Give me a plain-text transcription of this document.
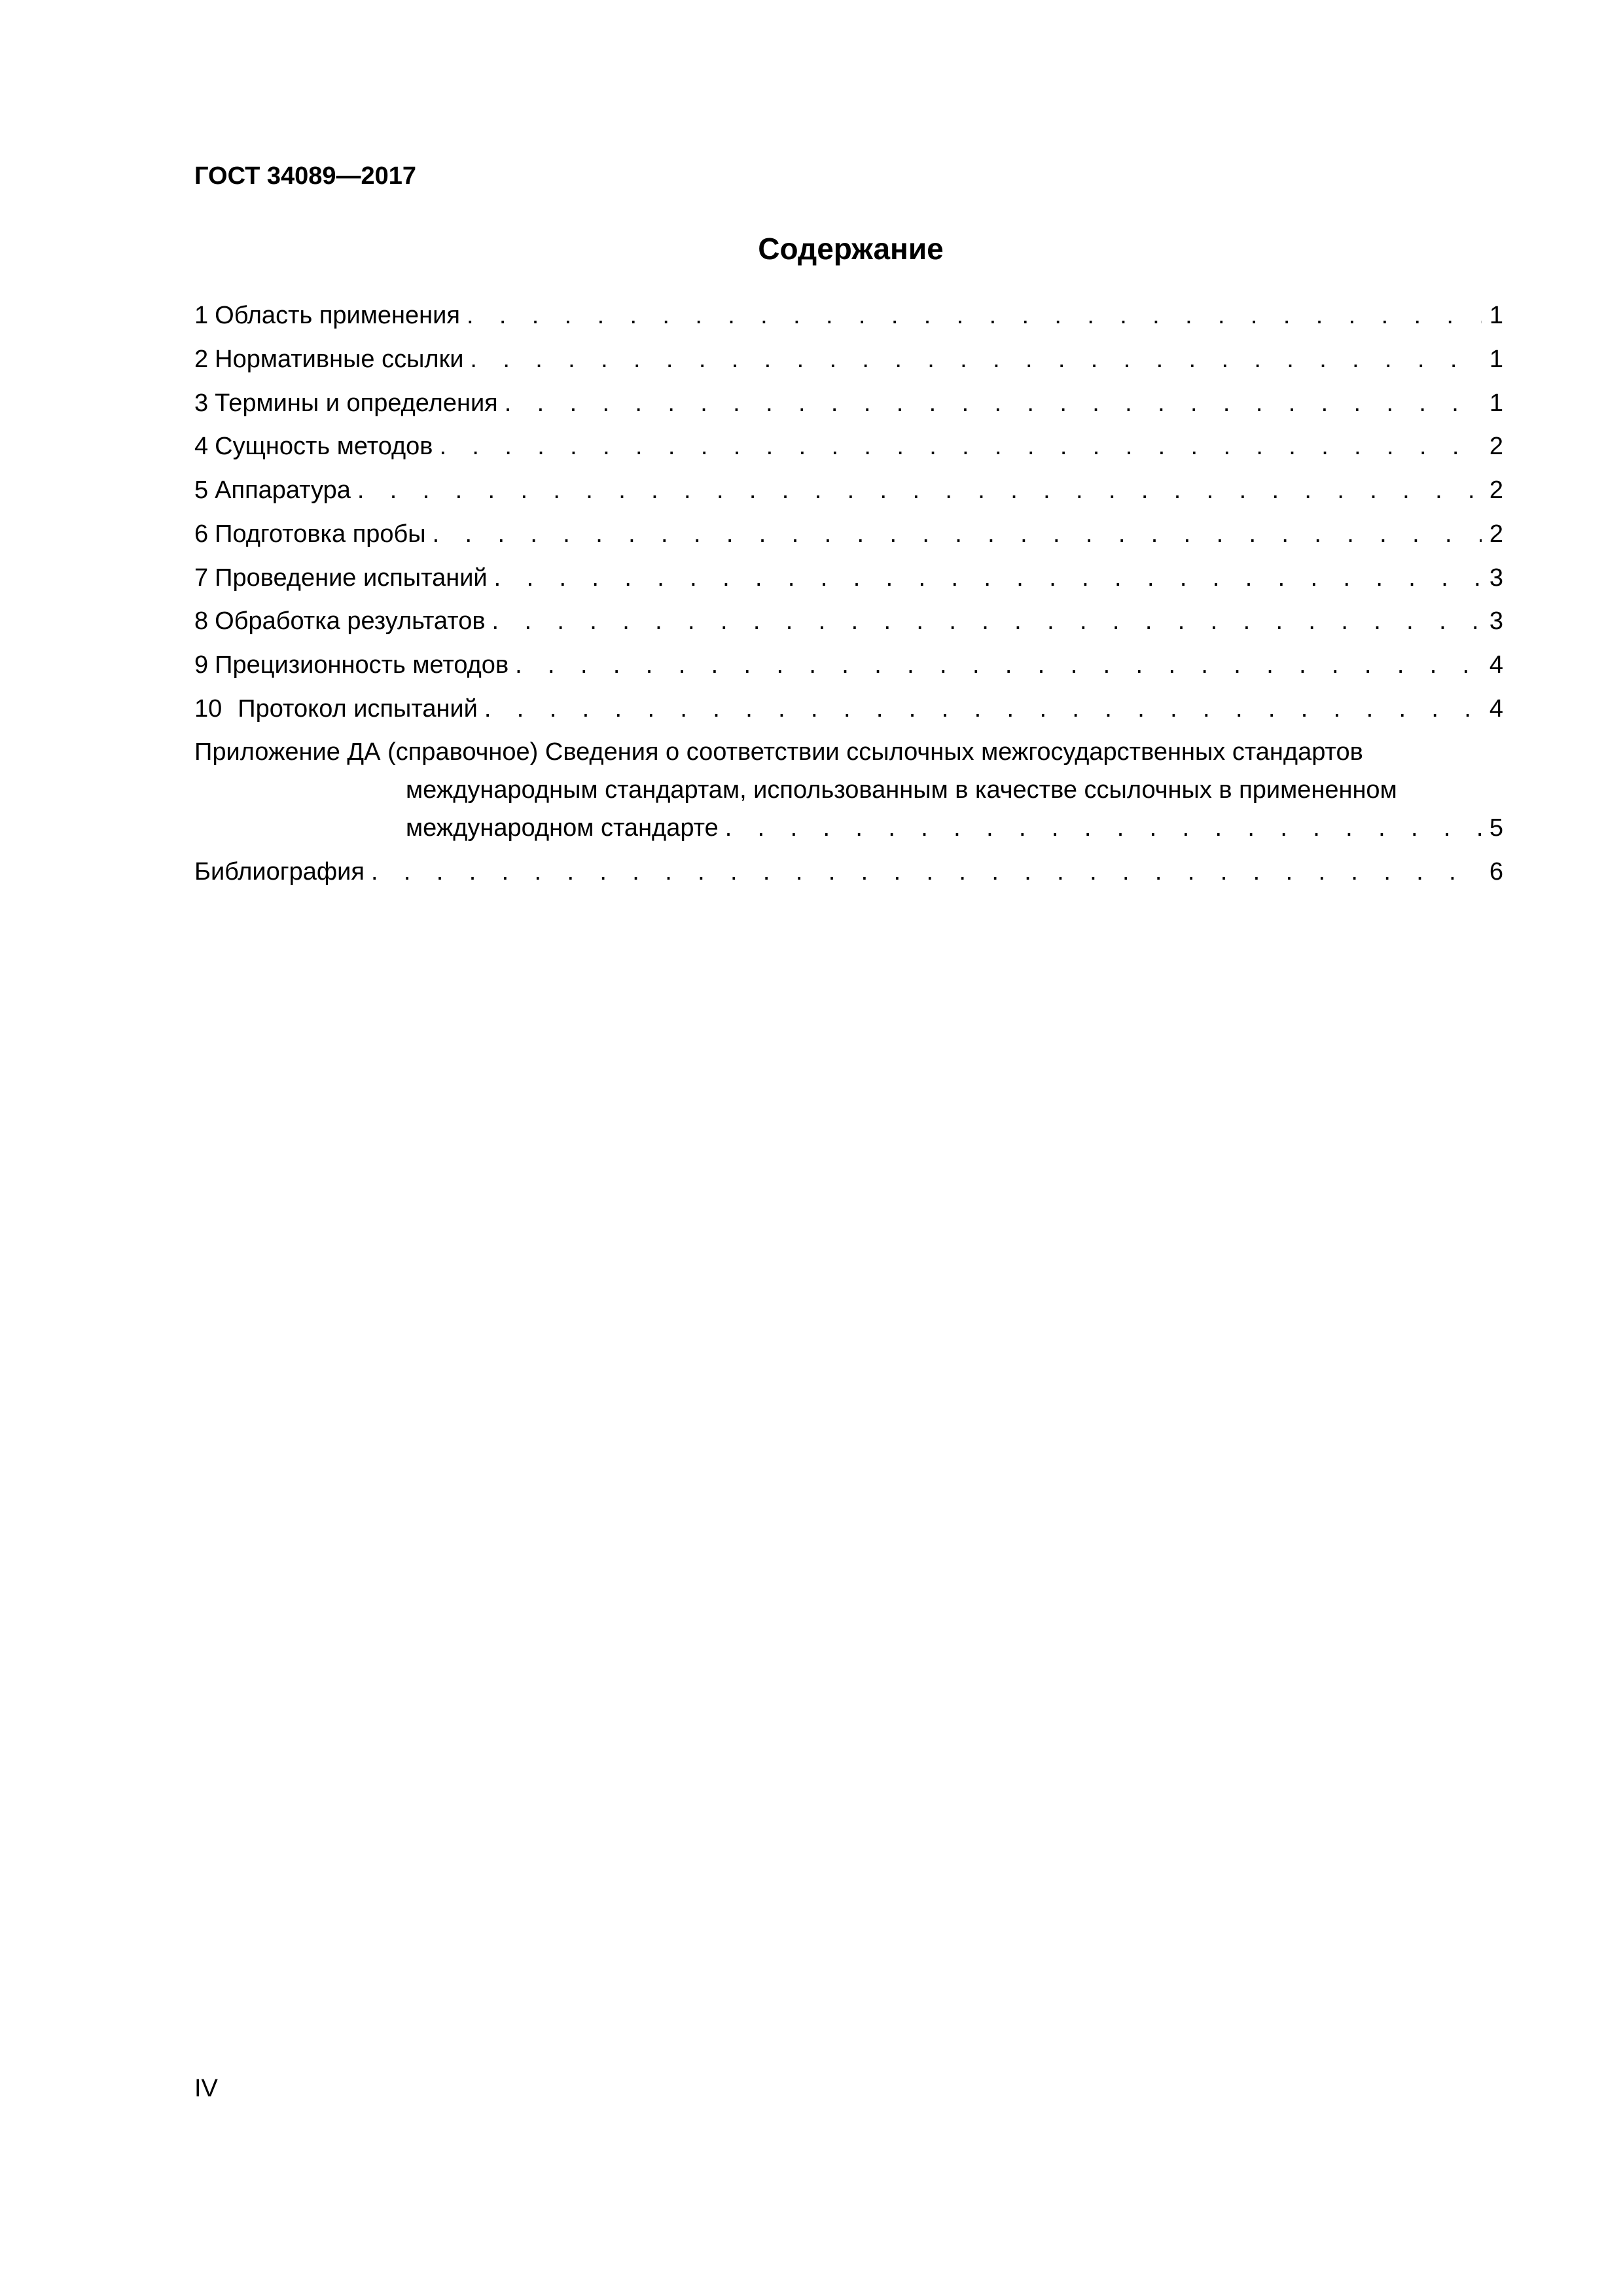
ГОСТ 34089—2017
Содержание
1 Область применения . . .	1
2 Нормативные ссылки . . .	1
3 Термины и определения . . .	1
4 Сущность методов . . .	2
5 Аппаратура . . .	2
6 Подготовка пробы . . .	2
7 Проведение испытаний . . .	3
8 Обработка результатов . . .	3
9 Прецизионность методов . . .	4
10 Протокол испытаний . . .	4
Приложение ДА (справочное) Сведения о соответствии ссылочных межгосударственных стандартов
международным стандартам, использованным в качестве ссылочных в примененном
международном стандарте . . .	5
Библиография . . .	6
IV
